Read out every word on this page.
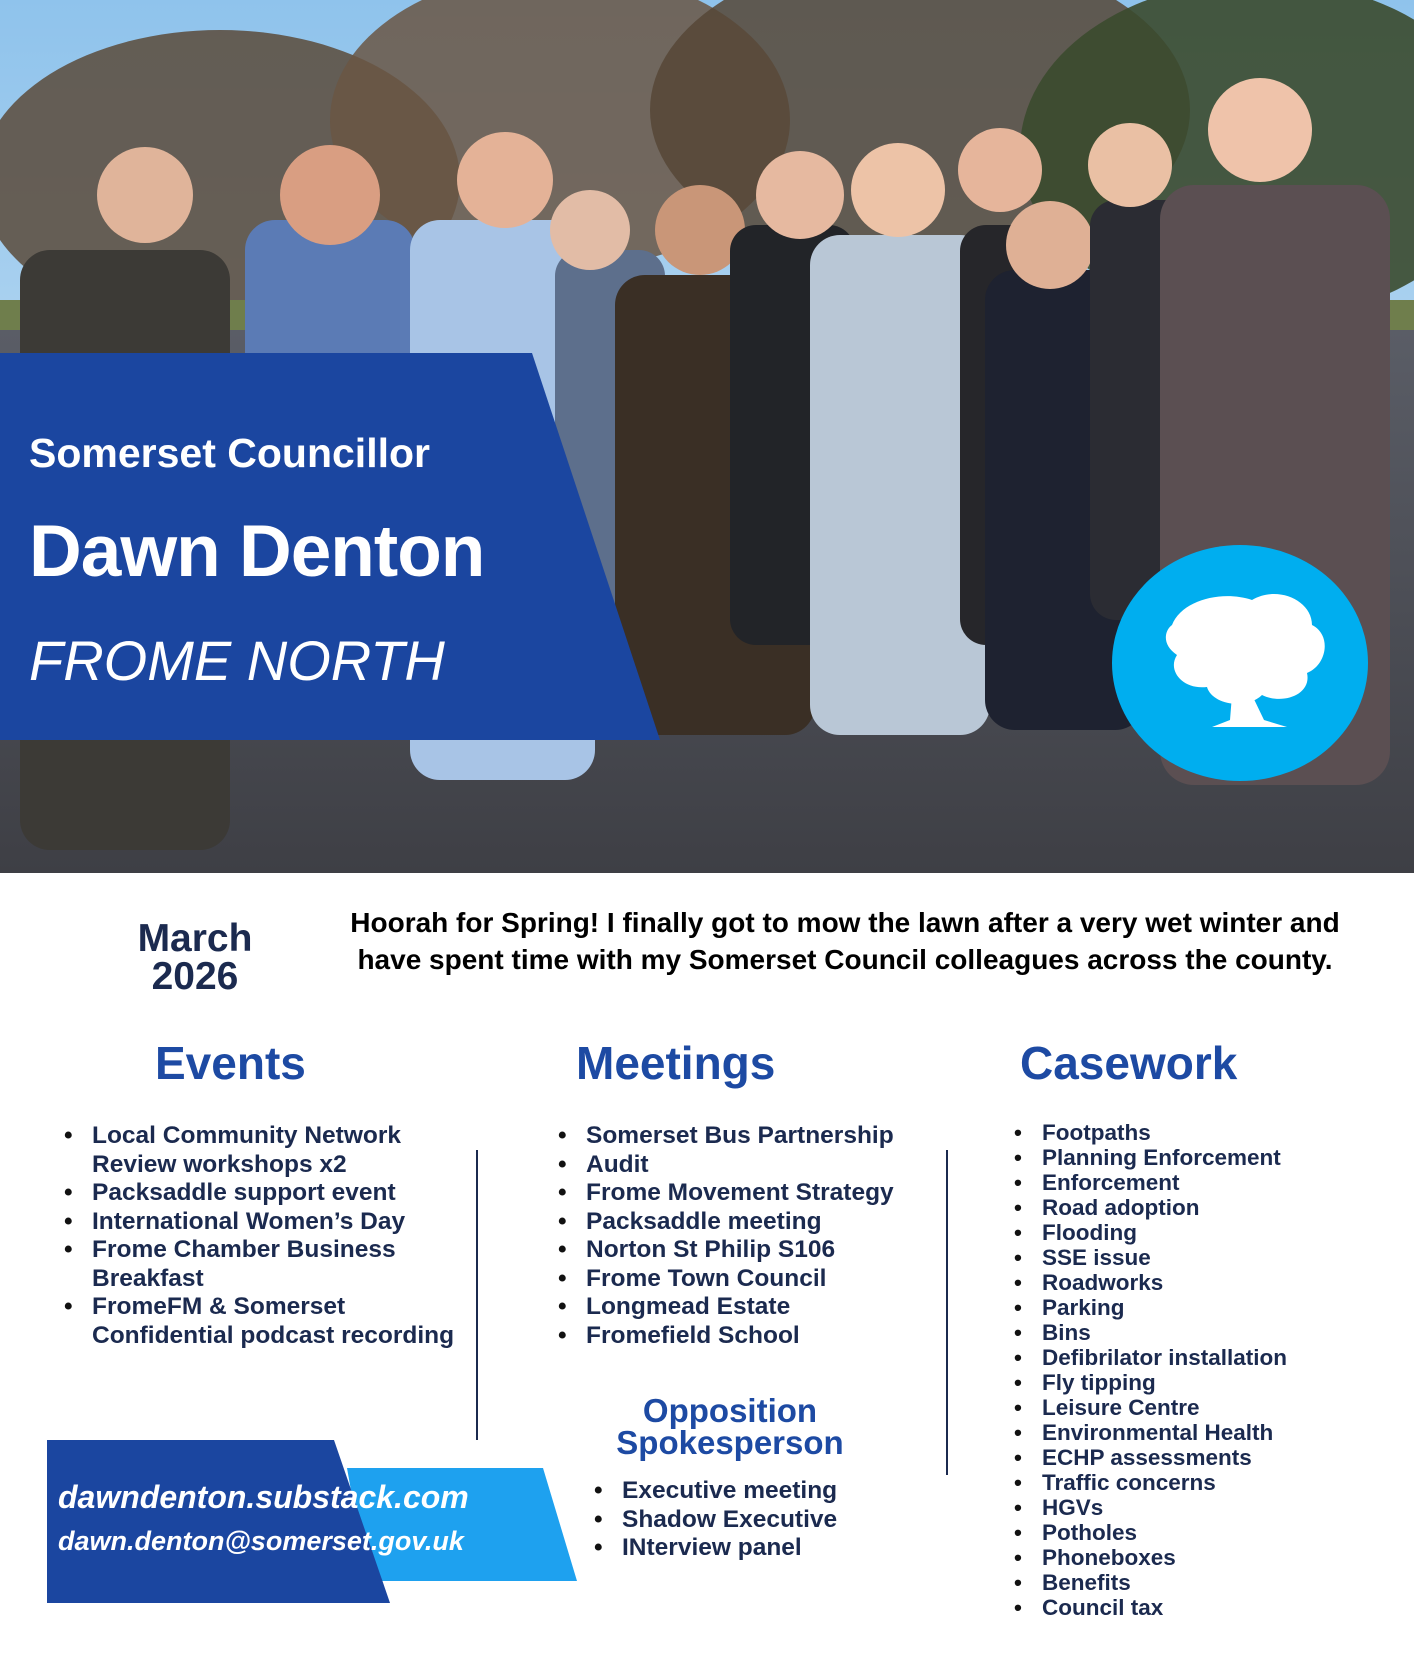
Somerset Councillor
Dawn Denton
FROME NORTH
March
2026
Hoorah for Spring! I finally got to mow the lawn after a very wet winter and have spent time with my Somerset Council colleagues across the county.
Events
• Local Community Network Review workshops x2
• Packsaddle support event
• International Women’s Day
• Frome Chamber Business Breakfast
• FromeFM & Somerset Confidential podcast recording
Meetings
• Somerset Bus Partnership
• Audit
• Frome Movement Strategy
• Packsaddle meeting
• Norton St Philip S106
• Frome Town Council
• Longmead Estate
• Fromefield School
Opposition
Spokesperson
• Executive meeting
• Shadow Executive
• INterview panel
Casework
• Footpaths
• Planning Enforcement
• Enforcement
• Road adoption
• Flooding
• SSE issue
• Roadworks
• Parking
• Bins
• Defibrilator installation
• Fly tipping
• Leisure Centre
• Environmental Health
• ECHP assessments
• Traffic concerns
• HGVs
• Potholes
• Phoneboxes
• Benefits
• Council tax
dawndenton.substack.com
dawn.denton@somerset.gov.uk
